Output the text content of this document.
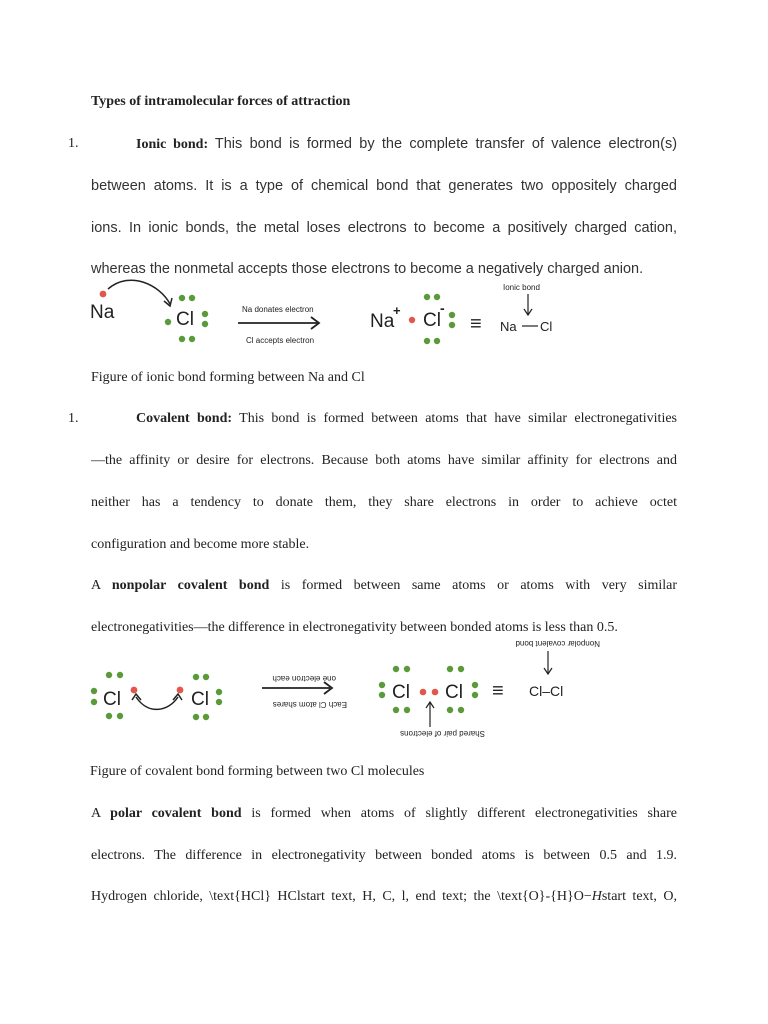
Types of intramolecular forces of attraction
1.	Ionic bond: This bond is formed by the complete transfer of valence electron(s)
between atoms. It is a type of chemical bond that generates two oppositely charged
ions. In ionic bonds, the metal loses electrons to become a positively charged cation,
whereas the nonmetal accepts those electrons to become a negatively charged anion.
Na	Cl	Na donates electron
Cl accepts electron
Na
+ Cl
-
≡
Ionic bond
Na Cl
Figure of ionic bond forming between Na and Cl
1.	Covalent bond: This bond is formed between atoms that have similar electronegativities
—the affinity or desire for electrons. Because both atoms have similar affinity for electrons and
neither has a tendency to donate them, they share electrons in order to achieve octet
configuration and become more stable.
A nonpolar covalent bond is formed between same atoms or atoms with very similar
electronegativities—the difference in electronegativity between bonded atoms is less than 0.5.
Cl	Cl
one electron each
Each Cl atom shares
Cl Cl
Shared pair of electrons
≡
Nonpolar covalent bond
Cl–Cl
Figure of covalent bond forming between two Cl molecules
A polar covalent bond is formed when atoms of slightly different electronegativities share
electrons. The difference in electronegativity between bonded atoms is between 0.5 and 1.9.
Hydrogen chloride, \text{HCl} HClstart text, H, C, l, end text; the \text{O}-{H}O−Hstart text, O,
